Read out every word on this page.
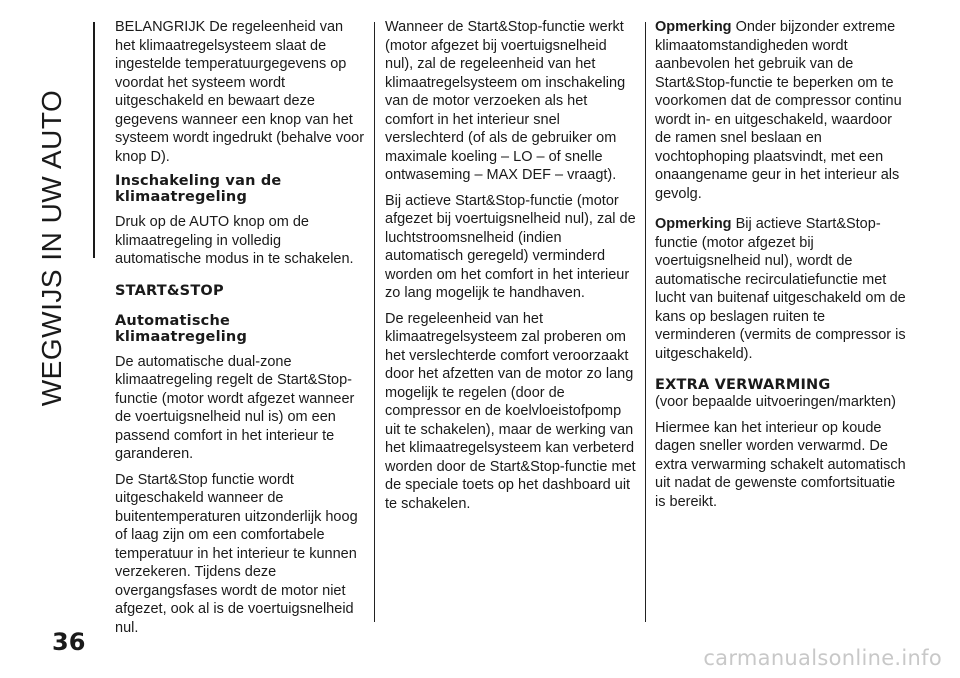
WEGWIJS IN UW AUTO
36

BELANGRIJK De regeleenheid van het klimaatregelsysteem slaat de ingestelde temperatuurgegevens op voordat het systeem wordt uitgeschakeld en bewaart deze gegevens wanneer een knop van het systeem wordt ingedrukt (behalve voor knop D).

Inschakeling van de klimaatregeling

Druk op de AUTO knop om de klimaatregeling in volledig automatische modus in te schakelen.

START&STOP
Automatische klimaatregeling

De automatische dual-zone klimaatregeling regelt de Start&Stop-functie (motor wordt afgezet wanneer de voertuigsnelheid nul is) om een passend comfort in het interieur te garanderen.

De Start&Stop functie wordt uitgeschakeld wanneer de buitentemperaturen uitzonderlijk hoog of laag zijn om een comfortabele temperatuur in het interieur te kunnen verzekeren. Tijdens deze overgangsfases wordt de motor niet afgezet, ook al is de voertuigsnelheid nul.

Wanneer de Start&Stop-functie werkt (motor afgezet bij voertuigsnelheid nul), zal de regeleenheid van het klimaatregelsysteem om inschakeling van de motor verzoeken als het comfort in het interieur snel verslechterd (of als de gebruiker om maximale koeling – LO – of snelle ontwaseming – MAX DEF – vraagt).

Bij actieve Start&Stop-functie (motor afgezet bij voertuigsnelheid nul), zal de luchtstroomsnelheid (indien automatisch geregeld) verminderd worden om het comfort in het interieur zo lang mogelijk te handhaven.

De regeleenheid van het klimaatregelsysteem zal proberen om het verslechterde comfort veroorzaakt door het afzetten van de motor zo lang mogelijk te regelen (door de compressor en de koelvloeistofpomp uit te schakelen), maar de werking van het klimaatregelsysteem kan verbeterd worden door de Start&Stop-functie met de speciale toets op het dashboard uit te schakelen.

Opmerking Onder bijzonder extreme klimaatomstandigheden wordt aanbevolen het gebruik van de Start&Stop-functie te beperken om te voorkomen dat de compressor continu wordt in- en uitgeschakeld, waardoor de ramen snel beslaan en vochtophoping plaatsvindt, met een onaangename geur in het interieur als gevolg.

Opmerking Bij actieve Start&Stop-functie (motor afgezet bij voertuigsnelheid nul), wordt de automatische recirculatiefunctie met lucht van buitenaf uitgeschakeld om de kans op beslagen ruiten te verminderen (vermits de compressor is uitgeschakeld).

EXTRA VERWARMING

(voor bepaalde uitvoeringen/markten)

Hiermee kan het interieur op koude dagen sneller worden verwarmd. De extra verwarming schakelt automatisch uit nadat de gewenste comfortsituatie is bereikt.

carmanualsonline.info
